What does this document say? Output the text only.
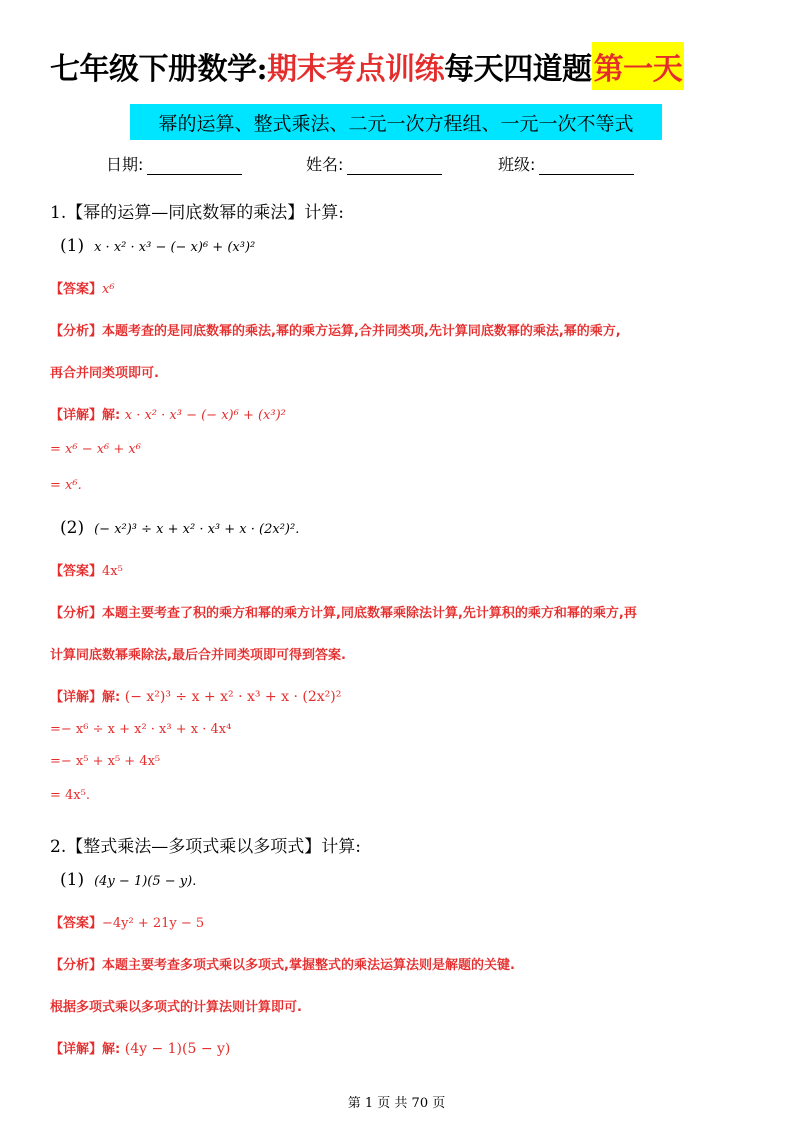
七年级下册数学: 期末考点训练 每天四道题 第一天
幂的运算、整式乘法、二元一次方程组、一元一次不等式
日期:	姓名:	班级:
1.【幂的运算—同底数幂的乘法】计算:
(1) x · x² · x³ − (− x)⁶ + (x³)²
【答案】x⁶
【分析】本题考查的是同底数幂的乘法,幂的乘方运算,合并同类项,先计算同底数幂的乘法,幂的乘方,
再合并同类项即可.
【详解】解: x · x² · x³ − (− x)⁶ + (x³)²
= x⁶ − x⁶ + x⁶
= x⁶.
(2) (− x²)³ ÷ x + x² · x³ + x · (2x²)².
【答案】4x⁵
【分析】本题主要考查了积的乘方和幂的乘方计算,同底数幂乘除法计算,先计算积的乘方和幂的乘方,再
计算同底数幂乘除法,最后合并同类项即可得到答案.
【详解】解: (− x²)³ ÷ x + x² · x³ + x · (2x²)²
=− x⁶ ÷ x + x² · x³ + x · 4x⁴
=− x⁵ + x⁵ + 4x⁵
= 4x⁵.
2.【整式乘法—多项式乘以多项式】计算:
(1) (4y − 1)(5 − y).
【答案】−4y² + 21y − 5
【分析】本题主要考查多项式乘以多项式,掌握整式的乘法运算法则是解题的关键.
根据多项式乘以多项式的计算法则计算即可.
【详解】解: (4y − 1)(5 − y)
第 1 页 共 70 页
